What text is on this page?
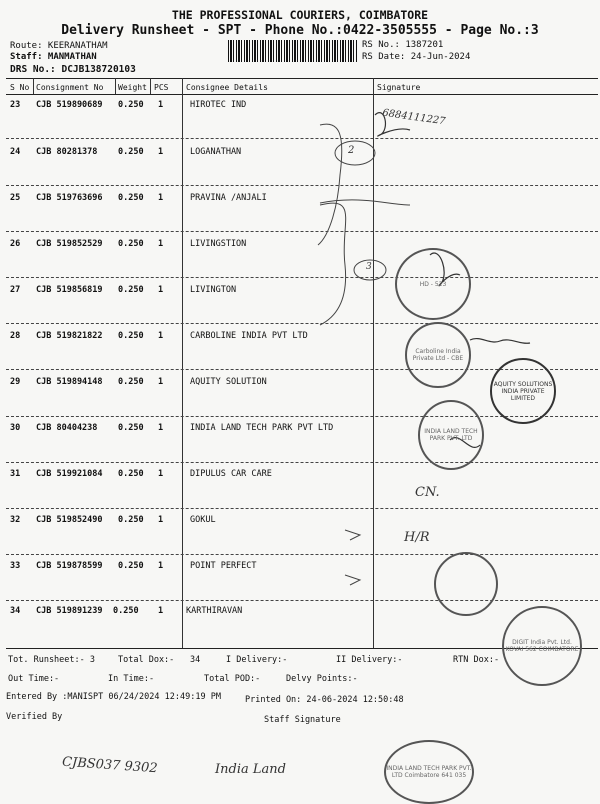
THE PROFESSIONAL COURIERS, COIMBATORE
Delivery Runsheet - SPT - Phone No.:0422-3505555 - Page No.:3
Route: KEERANATHAM
Staff: MANMATHAN
DRS No.: DCJB138720103
RS No.: 1387201
RS Date: 24-Jun-2024
S No Consignment No Weight PCS Consignee Details	Signature
23 CJB 519890689 0.250 1	HIROTEC IND
24 CJB 80281378 0.250 1	LOGANATHAN
25 CJB 519763696 0.250 1	PRAVINA /ANJALI
26 CJB 519852529 0.250 1	LIVINGSTION
27 CJB 519856819 0.250 1	LIVINGTON
28 CJB 519821822 0.250 1	CARBOLINE INDIA PVT LTD
29 CJB 519894148 0.250 1	AQUITY SOLUTION
30 CJB 80404238 0.250 1	INDIA LAND TECH PARK PVT LTD
31 CJB 519921084 0.250 1	DIPULUS CAR CARE
32 CJB 519852490 0.250 1	GOKUL
33 CJB 519878599 0.250 1	POINT PERFECT
34 CJB 519891239 0.250 1	KARTHIRAVAN
Tot. Runsheet:- 3	Total Dox:- 34	I Delivery:-	II Delivery:-	RTN Dox:-
Out Time:-	In Time:-	Total POD:-	Delvy Points:-
Entered By :MANISPT 06/24/2024 12:49:19 PM	Printed On: 24-06-2024 12:50:48
Verified By	Staff Signature
6884111227
2
3
CN.
H/R
CJBS037 9302	India Land
HD - 523
Carboline India Private Ltd - CBE
AQUITY SOLUTIONS INDIA PRIVATE LIMITED
INDIA LAND TECH PARK PVT. LTD
DIGIT India Pvt. Ltd. KOVAI 562 COIMBATORE
INDIA LAND TECH PARK PVT. LTD Coimbatore 641 035
